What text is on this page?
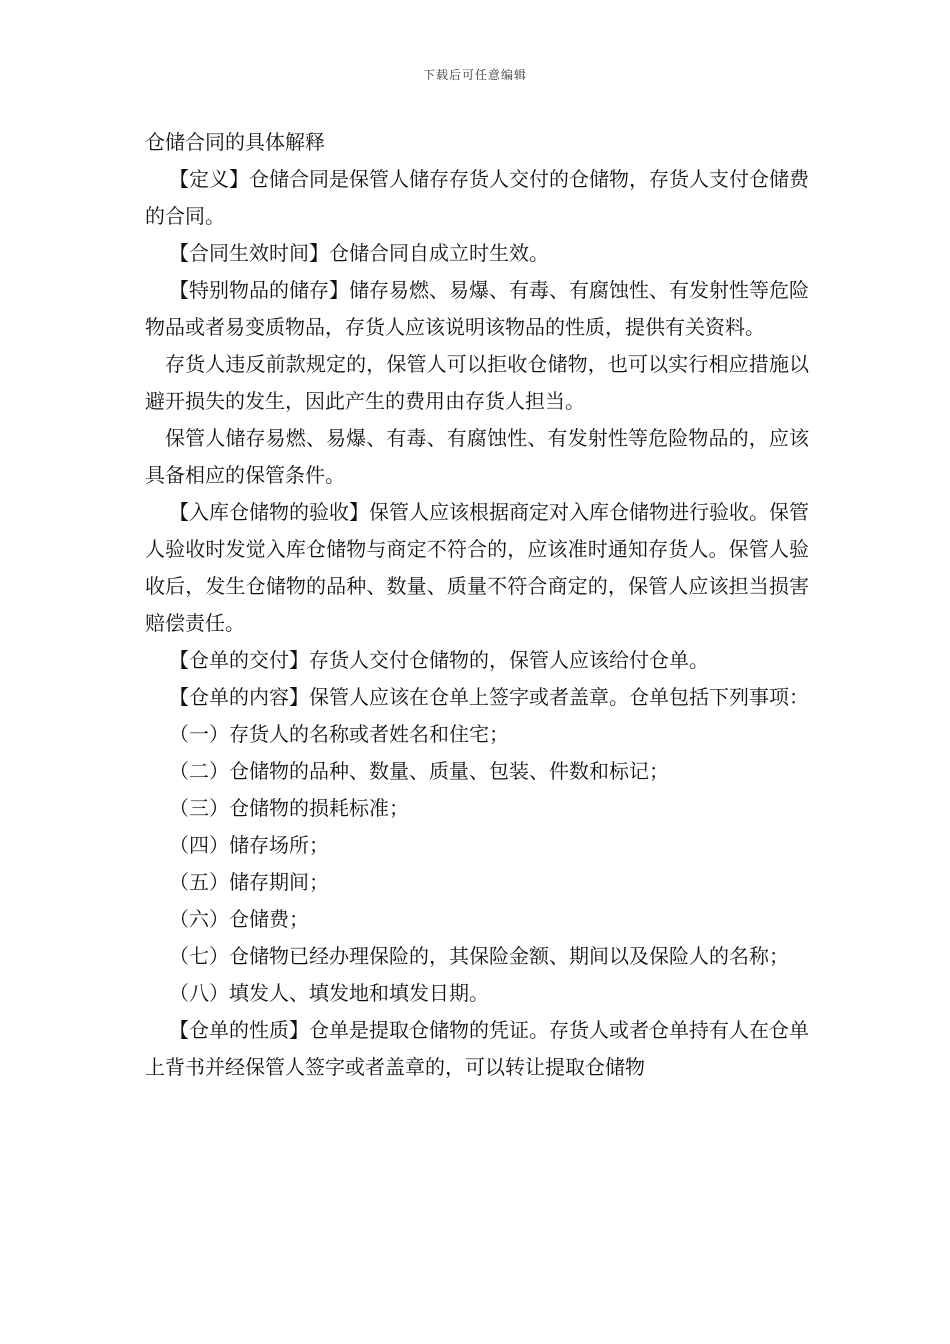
下载后可任意编辑

仓储合同的具体解释

【定义】仓储合同是保管人储存存货人交付的仓储物，存货人支付仓储费的合同。

【合同生效时间】仓储合同自成立时生效。

【特别物品的储存】储存易燃、易爆、有毒、有腐蚀性、有发射性等危险物品或者易变质物品，存货人应该说明该物品的性质，提供有关资料。

存货人违反前款规定的，保管人可以拒收仓储物，也可以实行相应措施以避开损失的发生，因此产生的费用由存货人担当。

保管人储存易燃、易爆、有毒、有腐蚀性、有发射性等危险物品的，应该具备相应的保管条件。

【入库仓储物的验收】保管人应该根据商定对入库仓储物进行验收。保管人验收时发觉入库仓储物与商定不符合的，应该准时通知存货人。保管人验收后，发生仓储物的品种、数量、质量不符合商定的，保管人应该担当损害赔偿责任。

【仓单的交付】存货人交付仓储物的，保管人应该给付仓单。

【仓单的内容】保管人应该在仓单上签字或者盖章。仓单包括下列事项：

（一）存货人的名称或者姓名和住宅；

（二）仓储物的品种、数量、质量、包装、件数和标记；

（三）仓储物的损耗标准；

（四）储存场所；

（五）储存期间；

（六）仓储费；

（七）仓储物已经办理保险的，其保险金额、期间以及保险人的名称；

（八）填发人、填发地和填发日期。

【仓单的性质】仓单是提取仓储物的凭证。存货人或者仓单持有人在仓单上背书并经保管人签字或者盖章的，可以转让提取仓储物
